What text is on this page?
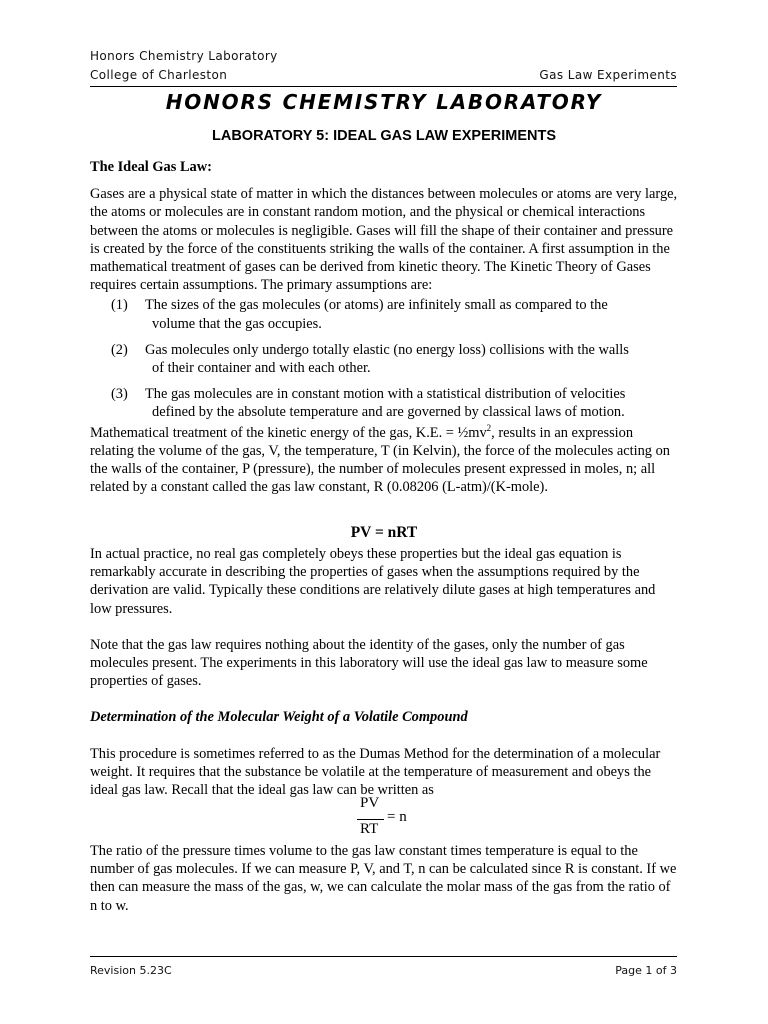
Honors Chemistry Laboratory
College of Charleston	Gas Law Experiments
HONORS CHEMISTRY LABORATORY
LABORATORY 5: IDEAL GAS LAW EXPERIMENTS

The Ideal Gas Law:

Gases are a physical state of matter in which the distances between molecules or atoms are very large, the atoms or molecules are in constant random motion, and the physical or chemical interactions between the atoms or molecules is negligible. Gases will fill the shape of their container and pressure is created by the force of the constituents striking the walls of the container. A first assumption in the mathematical treatment of gases can be derived from kinetic theory. The Kinetic Theory of Gases requires certain assumptions. The primary assumptions are:

(1)	The sizes of the gas molecules (or atoms) are infinitely small as compared to the
volume that the gas occupies.
(2)	Gas molecules only undergo totally elastic (no energy loss) collisions with the walls
of their container and with each other.
(3)	The gas molecules are in constant motion with a statistical distribution of velocities
defined by the absolute temperature and are governed by classical laws of motion.

Mathematical treatment of the kinetic energy of the gas, K.E. = $\frac{1}{2}mv^2$, results in an expression relating the volume of the gas, V, the temperature, T (in Kelvin), the force of the molecules acting on the walls of the container, P (pressure), the number of molecules present expressed in moles, n; all related by a constant called the gas law constant, R (0.08206 (L-atm)/(K-mole).

PV = nRT

In actual practice, no real gas completely obeys these properties but the ideal gas equation is remarkably accurate in describing the properties of gases when the assumptions required by the derivation are valid. Typically these conditions are relatively dilute gases at high temperatures and low pressures.

Note that the gas law requires nothing about the identity of the gases, only the number of gas molecules present. The experiments in this laboratory will use the ideal gas law to measure some properties of gases.

Determination of the Molecular Weight of a Volatile Compound

This procedure is sometimes referred to as the Dumas Method for the determination of a molecular weight. It requires that the substance be volatile at the temperature of measurement and obeys the ideal gas law. Recall that the ideal gas law can be written as

PV
RT
= n

The ratio of the pressure times volume to the gas law constant times temperature is equal to the number of gas molecules. If we can measure P, V, and T, n can be calculated since R is constant. If we then can measure the mass of the gas, w, we can calculate the molar mass of the gas from the ratio of n to w.

Revision 5.23C	Page 1 of 3
